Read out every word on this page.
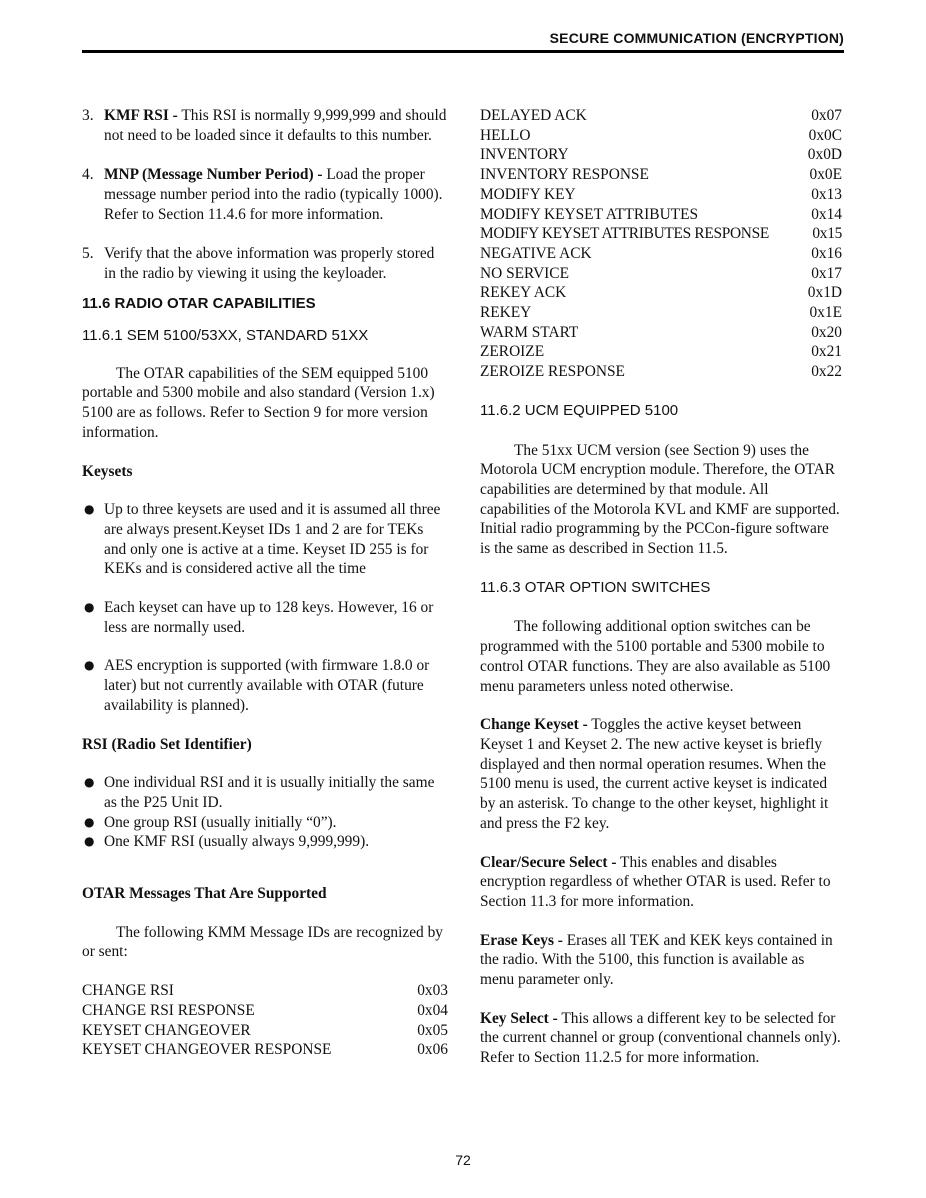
SECURE COMMUNICATION (ENCRYPTION)
3. KMF RSI - This RSI is normally 9,999,999 and should not need to be loaded since it defaults to this number.

4. MNP (Message Number Period) - Load the proper message number period into the radio (typically 1000). Refer to Section 11.4.6 for more information.

5. Verify that the above information was properly stored in the radio by viewing it using the keyloader.

11.6 RADIO OTAR CAPABILITIES

11.6.1 SEM 5100/53XX, STANDARD 51XX

The OTAR capabilities of the SEM equipped 5100 portable and 5300 mobile and also standard (Version 1.x) 5100 are as follows. Refer to Section 9 for more version information.

Keysets

● Up to three keysets are used and it is assumed all three are always present.Keyset IDs 1 and 2 are for TEKs and only one is active at a time. Keyset ID 255 is for KEKs and is considered active all the time

● Each keyset can have up to 128 keys. However, 16 or less are normally used.

● AES encryption is supported (with firmware 1.8.0 or later) but not currently available with OTAR (future availability is planned).

RSI (Radio Set Identifier)

● One individual RSI and it is usually initially the same as the P25 Unit ID.

● One group RSI (usually initially “0”).

● One KMF RSI (usually always 9,999,999).

OTAR Messages That Are Supported

The following KMM Message IDs are recognized by or sent:

CHANGE RSI	0x03
CHANGE RSI RESPONSE	0x04
KEYSET CHANGEOVER	0x05
KEYSET CHANGEOVER RESPONSE	0x06
DELAYED ACK	0x07
HELLO	0x0C
INVENTORY	0x0D
INVENTORY RESPONSE	0x0E
MODIFY KEY	0x13
MODIFY KEYSET ATTRIBUTES	0x14
MODIFY KEYSET ATTRIBUTES RESPONSE	0x15
NEGATIVE ACK	0x16
NO SERVICE	0x17
REKEY ACK	0x1D
REKEY	0x1E
WARM START	0x20
ZEROIZE	0x21
ZEROIZE RESPONSE	0x22

11.6.2 UCM EQUIPPED 5100

The 51xx UCM version (see Section 9) uses the Motorola UCM encryption module. Therefore, the OTAR capabilities are determined by that module. All capabilities of the Motorola KVL and KMF are supported. Initial radio programming by the PCCon-figure software is the same as described in Section 11.5.

11.6.3 OTAR OPTION SWITCHES

The following additional option switches can be programmed with the 5100 portable and 5300 mobile to control OTAR functions. They are also available as 5100 menu parameters unless noted otherwise.

Change Keyset - Toggles the active keyset between Keyset 1 and Keyset 2. The new active keyset is briefly displayed and then normal operation resumes. When the 5100 menu is used, the current active keyset is indicated by an asterisk. To change to the other keyset, highlight it and press the F2 key.

Clear/Secure Select - This enables and disables encryption regardless of whether OTAR is used. Refer to Section 11.3 for more information.

Erase Keys - Erases all TEK and KEK keys contained in the radio. With the 5100, this function is available as menu parameter only.

Key Select - This allows a different key to be selected for the current channel or group (conventional channels only). Refer to Section 11.2.5 for more information.

72
